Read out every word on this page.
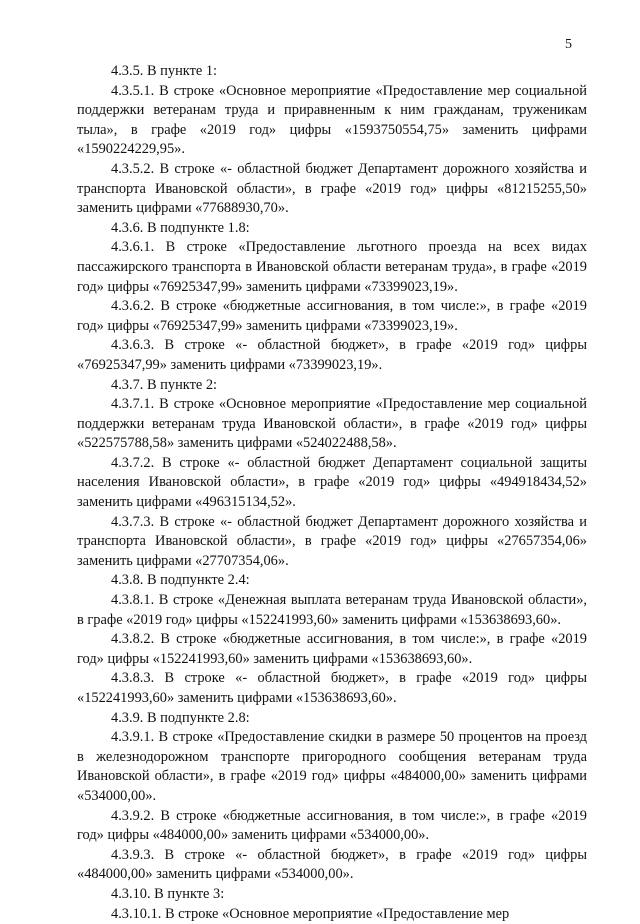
5

4.3.5. В пункте 1:

4.3.5.1. В строке «Основное мероприятие «Предоставление мер социальной поддержки ветеранам труда и приравненным к ним гражданам, труженикам тыла», в графе «2019 год» цифры «1593750554,75» заменить цифрами «1590224229,95».

4.3.5.2. В строке «- областной бюджет Департамент дорожного хозяйства и транспорта Ивановской области», в графе «2019 год» цифры «81215255,50» заменить цифрами «77688930,70».

4.3.6. В подпункте 1.8:

4.3.6.1. В строке «Предоставление льготного проезда на всех видах пассажирского транспорта в Ивановской области ветеранам труда», в графе «2019 год» цифры «76925347,99» заменить цифрами «73399023,19».

4.3.6.2. В строке «бюджетные ассигнования, в том числе:», в графе «2019 год» цифры «76925347,99» заменить цифрами «73399023,19».

4.3.6.3. В строке «- областной бюджет», в графе «2019 год» цифры «76925347,99» заменить цифрами «73399023,19».

4.3.7. В пункте 2:

4.3.7.1. В строке «Основное мероприятие «Предоставление мер социальной поддержки ветеранам труда Ивановской области», в графе «2019 год» цифры «522575788,58» заменить цифрами «524022488,58».

4.3.7.2. В строке «- областной бюджет Департамент социальной защиты населения Ивановской области», в графе «2019 год» цифры «494918434,52» заменить цифрами «496315134,52».

4.3.7.3. В строке «- областной бюджет Департамент дорожного хозяйства и транспорта Ивановской области», в графе «2019 год» цифры «27657354,06» заменить цифрами «27707354,06».

4.3.8. В подпункте 2.4:

4.3.8.1. В строке «Денежная выплата ветеранам труда Ивановской области», в графе «2019 год» цифры «152241993,60» заменить цифрами «153638693,60».

4.3.8.2. В строке «бюджетные ассигнования, в том числе:», в графе «2019 год» цифры «152241993,60» заменить цифрами «153638693,60».

4.3.8.3. В строке «- областной бюджет», в графе «2019 год» цифры «152241993,60» заменить цифрами «153638693,60».

4.3.9. В подпункте 2.8:

4.3.9.1. В строке «Предоставление скидки в размере 50 процентов на проезд в железнодорожном транспорте пригородного сообщения ветеранам труда Ивановской области», в графе «2019 год» цифры «484000,00» заменить цифрами «534000,00».

4.3.9.2. В строке «бюджетные ассигнования, в том числе:», в графе «2019 год» цифры «484000,00» заменить цифрами «534000,00».

4.3.9.3. В строке «- областной бюджет», в графе «2019 год» цифры «484000,00» заменить цифрами «534000,00».

4.3.10. В пункте 3:

4.3.10.1. В строке «Основное мероприятие «Предоставление мер
